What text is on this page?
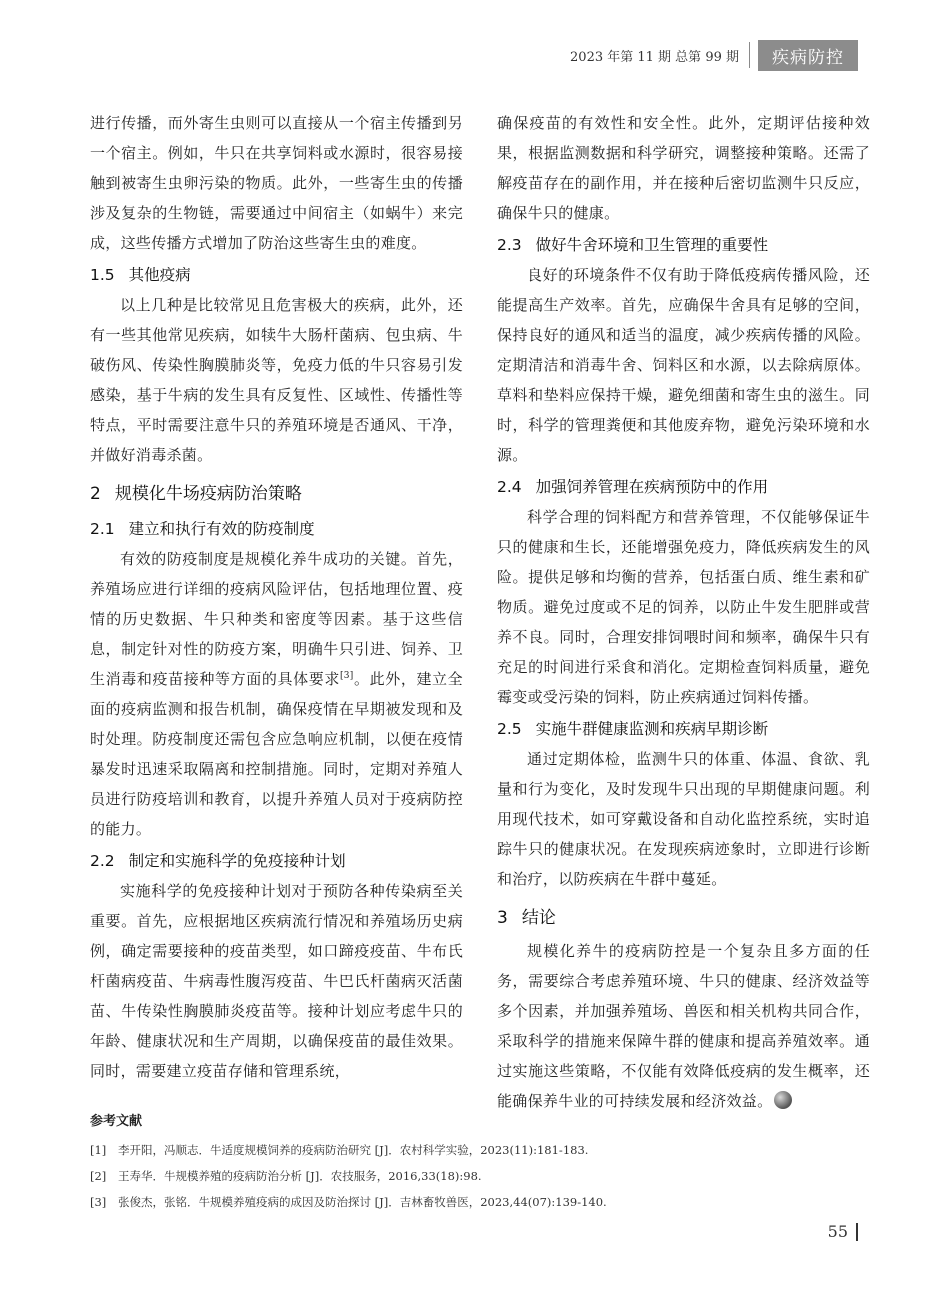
2023 年第 11 期 总第 99 期	疾病防控

进行传播，而外寄生虫则可以直接从一个宿主传播到另一个宿主。例如，牛只在共享饲料或水源时，很容易接触到被寄生虫卵污染的物质。此外，一些寄生虫的传播涉及复杂的生物链，需要通过中间宿主（如蜗牛）来完成，这些传播方式增加了防治这些寄生虫的难度。

1.5 其他疫病

以上几种是比较常见且危害极大的疾病，此外，还有一些其他常见疾病，如犊牛大肠杆菌病、包虫病、牛破伤风、传染性胸膜肺炎等，免疫力低的牛只容易引发感染，基于牛病的发生具有反复性、区域性、传播性等特点，平时需要注意牛只的养殖环境是否通风、干净，并做好消毒杀菌。

2 规模化牛场疫病防治策略
2.1 建立和执行有效的防疫制度

有效的防疫制度是规模化养牛成功的关键。首先，养殖场应进行详细的疫病风险评估，包括地理位置、疫情的历史数据、牛只种类和密度等因素。基于这些信息，制定针对性的防疫方案，明确牛只引进、饲养、卫生消毒和疫苗接种等方面的具体要求[3]。此外，建立全面的疫病监测和报告机制，确保疫情在早期被发现和及时处理。防疫制度还需包含应急响应机制，以便在疫情暴发时迅速采取隔离和控制措施。同时，定期对养殖人员进行防疫培训和教育，以提升养殖人员对于疫病防控的能力。

2.2 制定和实施科学的免疫接种计划

实施科学的免疫接种计划对于预防各种传染病至关重要。首先，应根据地区疾病流行情况和养殖场历史病例，确定需要接种的疫苗类型，如口蹄疫疫苗、牛布氏杆菌病疫苗、牛病毒性腹泻疫苗、牛巴氏杆菌病灭活菌苗、牛传染性胸膜肺炎疫苗等。接种计划应考虑牛只的年龄、健康状况和生产周期，以确保疫苗的最佳效果。同时，需要建立疫苗存储和管理系统，

确保疫苗的有效性和安全性。此外，定期评估接种效果，根据监测数据和科学研究，调整接种策略。还需了解疫苗存在的副作用，并在接种后密切监测牛只反应，确保牛只的健康。

2.3 做好牛舍环境和卫生管理的重要性

良好的环境条件不仅有助于降低疫病传播风险，还能提高生产效率。首先，应确保牛舍具有足够的空间，保持良好的通风和适当的温度，减少疾病传播的风险。定期清洁和消毒牛舍、饲料区和水源，以去除病原体。草料和垫料应保持干燥，避免细菌和寄生虫的滋生。同时，科学的管理粪便和其他废弃物，避免污染环境和水源。

2.4 加强饲养管理在疾病预防中的作用

科学合理的饲料配方和营养管理，不仅能够保证牛只的健康和生长，还能增强免疫力，降低疾病发生的风险。提供足够和均衡的营养，包括蛋白质、维生素和矿物质。避免过度或不足的饲养，以防止牛发生肥胖或营养不良。同时，合理安排饲喂时间和频率，确保牛只有充足的时间进行采食和消化。定期检查饲料质量，避免霉变或受污染的饲料，防止疾病通过饲料传播。

2.5 实施牛群健康监测和疾病早期诊断

通过定期体检，监测牛只的体重、体温、食欲、乳量和行为变化，及时发现牛只出现的早期健康问题。利用现代技术，如可穿戴设备和自动化监控系统，实时追踪牛只的健康状况。在发现疾病迹象时，立即进行诊断和治疗，以防疾病在牛群中蔓延。

3 结论

规模化养牛的疫病防控是一个复杂且多方面的任务，需要综合考虑养殖环境、牛只的健康、经济效益等多个因素，并加强养殖场、兽医和相关机构共同合作，采取科学的措施来保障牛群的健康和提高养殖效率。通过实施这些策略，不仅能有效降低疫病的发生概率，还能确保养牛业的可持续发展和经济效益。

参考文献
[1]	李开阳，冯顺志．牛适度规模饲养的疫病防治研究 [J]．农村科学实验，2023(11):181-183.
[2]	王寿华．牛规模养殖的疫病防治分析 [J]．农技服务，2016,33(18):98.
[3]	张俊杰，张铭．牛规模养殖疫病的成因及防治探讨 [J]．吉林畜牧兽医，2023,44(07):139-140.
55
